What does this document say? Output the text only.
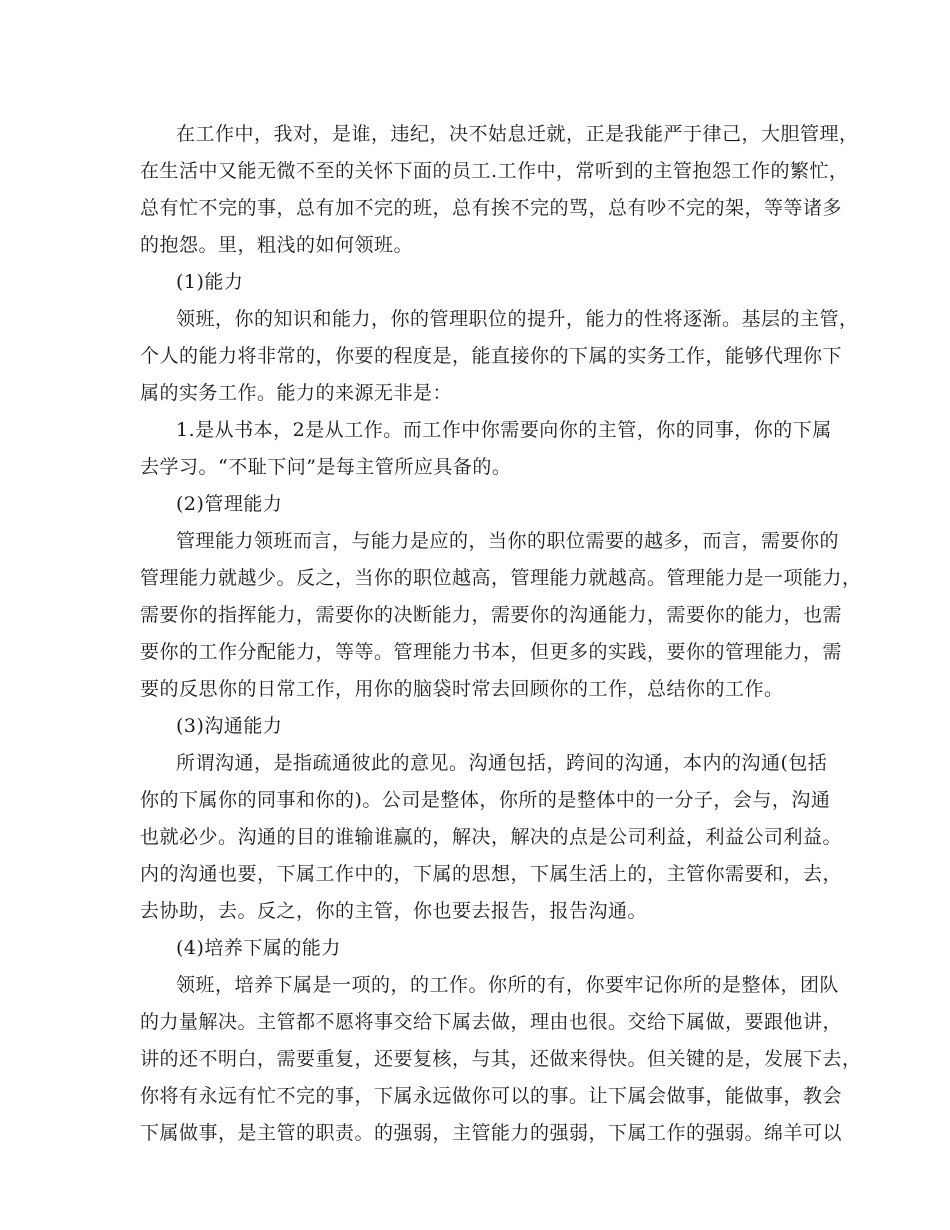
在工作中，我对，是谁，违纪，决不姑息迁就，正是我能严于律己，大胆管理，
在生活中又能无微不至的关怀下面的员工.工作中，常听到的主管抱怨工作的繁忙，
总有忙不完的事，总有加不完的班，总有挨不完的骂，总有吵不完的架，等等诸多
的抱怨。里，粗浅的如何领班。
(1)能力
领班，你的知识和能力，你的管理职位的提升，能力的性将逐渐。基层的主管，
个人的能力将非常的，你要的程度是，能直接你的下属的实务工作，能够代理你下
属的实务工作。能力的来源无非是：
1.是从书本，2是从工作。而工作中你需要向你的主管，你的同事，你的下属
去学习。“不耻下问”是每主管所应具备的。
(2)管理能力
管理能力领班而言，与能力是应的，当你的职位需要的越多，而言，需要你的
管理能力就越少。反之，当你的职位越高，管理能力就越高。管理能力是一项能力，
需要你的指挥能力，需要你的决断能力，需要你的沟通能力，需要你的能力，也需
要你的工作分配能力，等等。管理能力书本，但更多的实践，要你的管理能力，需
要的反思你的日常工作，用你的脑袋时常去回顾你的工作，总结你的工作。
(3)沟通能力
所谓沟通，是指疏通彼此的意见。沟通包括，跨间的沟通，本内的沟通(包括
你的下属你的同事和你的)。公司是整体，你所的是整体中的一分子，会与，沟通
也就必少。沟通的目的谁输谁赢的，解决，解决的点是公司利益，利益公司利益。
内的沟通也要，下属工作中的，下属的思想，下属生活上的，主管你需要和，去，
去协助，去。反之，你的主管，你也要去报告，报告沟通。
(4)培养下属的能力
领班，培养下属是一项的，的工作。你所的有，你要牢记你所的是整体，团队
的力量解决。主管都不愿将事交给下属去做，理由也很。交给下属做，要跟他讲，
讲的还不明白，需要重复，还要复核，与其，还做来得快。但关键的是，发展下去，
你将有永远有忙不完的事，下属永远做你可以的事。让下属会做事，能做事，教会
下属做事，是主管的职责。的强弱，主管能力的强弱，下属工作的强弱。绵羊可以
